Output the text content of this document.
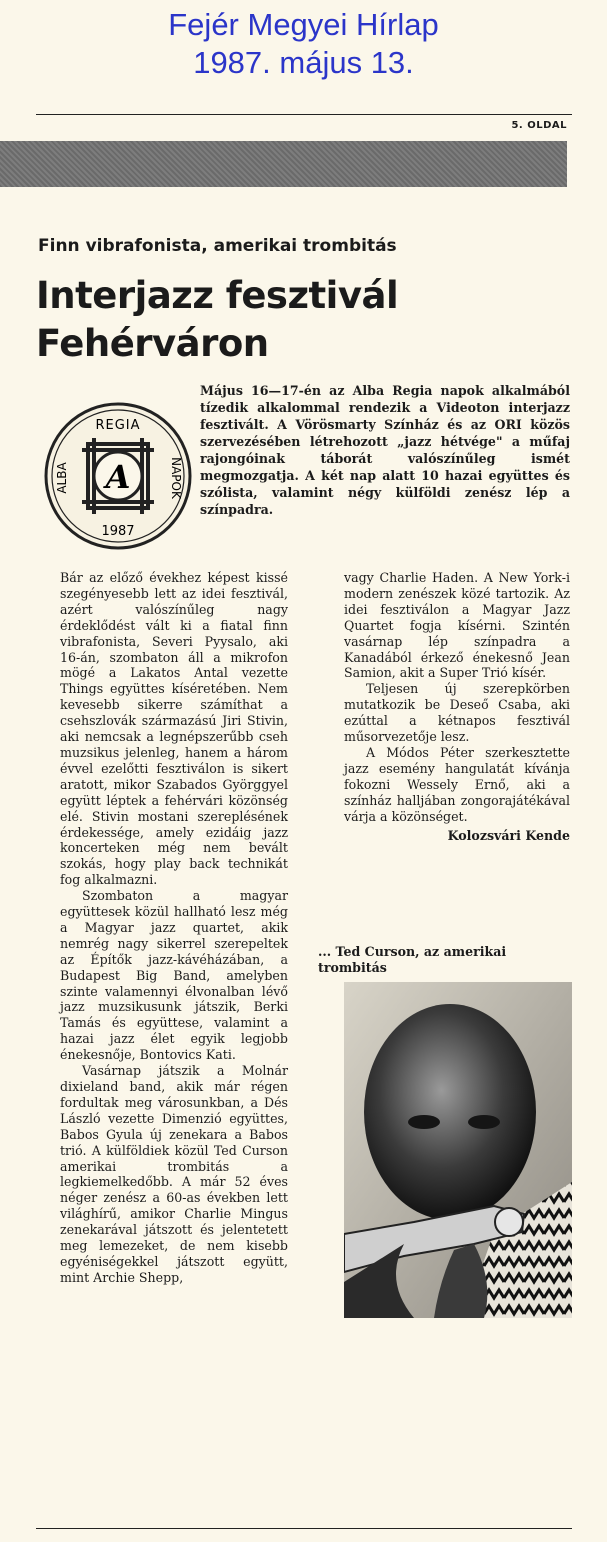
Fejér Megyei Hírlap
1987. május 13.
5. OLDAL
Finn vibrafonista, amerikai trombitás
Interjazz fesztivál
Fehérváron
REGIA
ALBA	NAPOK
1987
A
Május 16—17-én az Alba Regia napok alkalmából tízedik alkalommal rendezik a Videoton interjazz fesztivált. A Vörösmarty Színház és az ORI közös szervezésében létrehozott „jazz hétvége" a műfaj rajongóinak táborát valószínűleg ismét megmozgatja. A két nap alatt 10 hazai együttes és szólista, valamint négy külföldi zenész lép a színpadra.

Bár az előző évekhez képest kissé szegényesebb lett az idei fesztivál, azért valószínűleg nagy érdeklődést vált ki a fiatal finn vibrafonista, Severi Pyysalo, aki 16-án, szombaton áll a mikrofon mögé a Lakatos Antal vezette Things együttes kíséretében. Nem kevesebb sikerre számíthat a csehszlovák származású Jiri Stivin, aki nemcsak a legnépszerűbb cseh muzsikus jelenleg, hanem a három évvel ezelőtti fesztiválon is sikert aratott, mikor Szabados Györggyel együtt léptek a fehérvári közönség elé. Stivin mostani szereplésének érdekessége, amely ezidáig jazz koncerteken még nem bevált szokás, hogy play back technikát fog alkalmazni.

Szombaton a magyar együttesek közül hallható lesz még a Magyar jazz quartet, akik nemrég nagy sikerrel szerepeltek az Építők jazz-kávéházában, a Budapest Big Band, amelyben szinte valamennyi élvonalban lévő jazz muzsikusunk játszik, Berki Tamás és együttese, valamint a hazai jazz élet egyik legjobb énekesnője, Bontovics Kati.

Vasárnap játszik a Molnár dixieland band, akik már régen fordultak meg városunkban, a Dés László vezette Dimenzió együttes, Babos Gyula új zenekara a Babos trió. A külföldiek közül Ted Curson amerikai trombitás a legkiemelkedőbb. A már 52 éves néger zenész a 60-as években lett világhírű, amikor Charlie Mingus zenekarával játszott és jelentetett meg lemezeket, de nem kisebb egyéniségekkel játszott együtt, mint Archie Shepp,

vagy Charlie Haden. A New York-i modern zenészek közé tartozik. Az idei fesztiválon a Magyar Jazz Quartet fogja kísérni. Szintén vasárnap lép színpadra a Kanadából érkező énekesnő Jean Samion, akit a Super Trió kísér.

Teljesen új szerepkörben mutatkozik be Deseő Csaba, aki ezúttal a kétnapos fesztivál műsorvezetője lesz.

A Módos Péter szerkesztette jazz esemény hangulatát kívánja fokozni Wessely Ernő, aki a színház halljában zongorajátékával várja a közönséget.

Kolozsvári Kende
... Ted Curson, az amerikai trombitás
